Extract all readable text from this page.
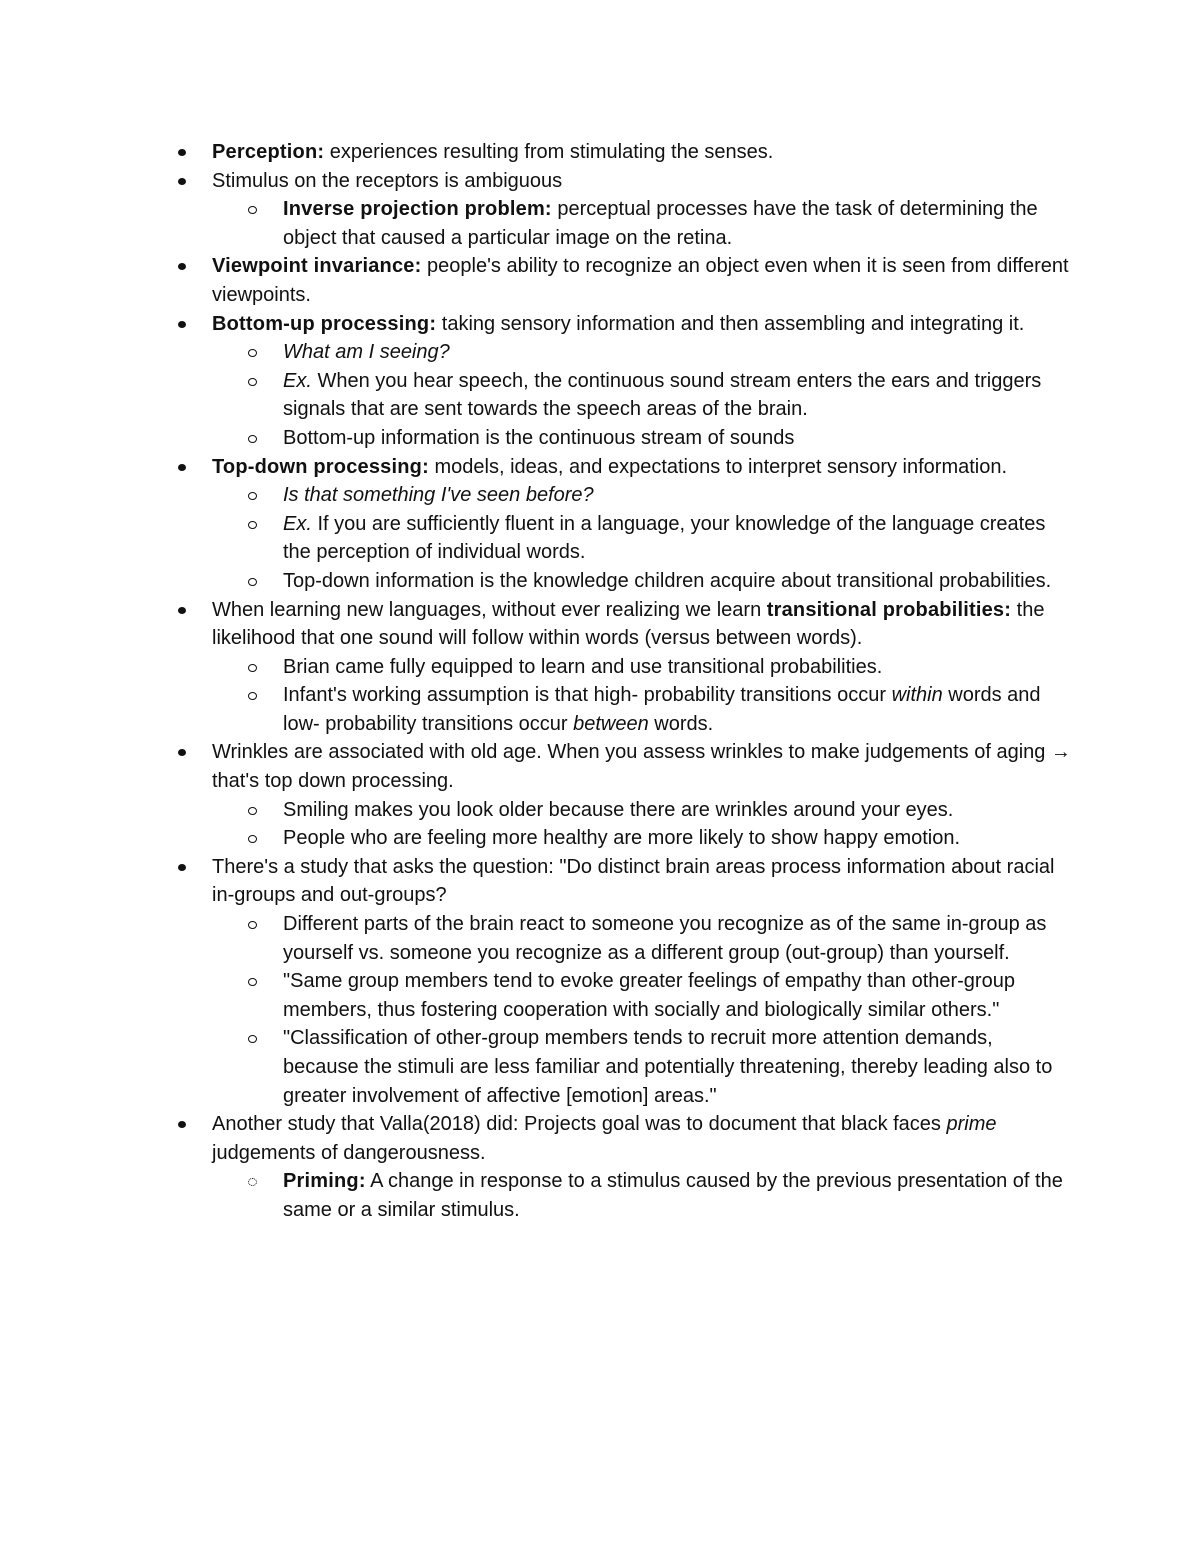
Perception: experiences resulting from stimulating the senses.
Stimulus on the receptors is ambiguous
Inverse projection problem: perceptual processes have the task of determining the object that caused a particular image on the retina.
Viewpoint invariance: people's ability to recognize an object even when it is seen from different viewpoints.
Bottom-up processing: taking sensory information and then assembling and integrating it.
What am I seeing?
Ex. When you hear speech, the continuous sound stream enters the ears and triggers signals that are sent towards the speech areas of the brain.
Bottom-up information is the continuous stream of sounds
Top-down processing: models, ideas, and expectations to interpret sensory information.
Is that something I've seen before?
Ex. If you are sufficiently fluent in a language, your knowledge of the language creates the perception of individual words.
Top-down information is the knowledge children acquire about transitional probabilities.
When learning new languages, without ever realizing we learn transitional probabilities: the likelihood that one sound will follow within words (versus between words).
Brian came fully equipped to learn and use transitional probabilities.
Infant's working assumption is that high- probability transitions occur within words and low- probability transitions occur between words.
Wrinkles are associated with old age. When you assess wrinkles to make judgements of aging → that's top down processing.
Smiling makes you look older because there are wrinkles around your eyes.
People who are feeling more healthy are more likely to show happy emotion.
There's a study that asks the question: "Do distinct brain areas process information about racial in-groups and out-groups?
Different parts of the brain react to someone you recognize as of the same in-group as yourself vs. someone you recognize as a different group (out-group) than yourself.
"Same group members tend to evoke greater feelings of empathy than other-group members, thus fostering cooperation with socially and biologically similar others."
"Classification of other-group members tends to recruit more attention demands, because the stimuli are less familiar and potentially threatening, thereby leading also to greater involvement of affective [emotion] areas."
Another study that Valla(2018) did: Projects goal was to document that black faces prime judgements of dangerousness.
Priming: A change in response to a stimulus caused by the previous presentation of the same or a similar stimulus.
